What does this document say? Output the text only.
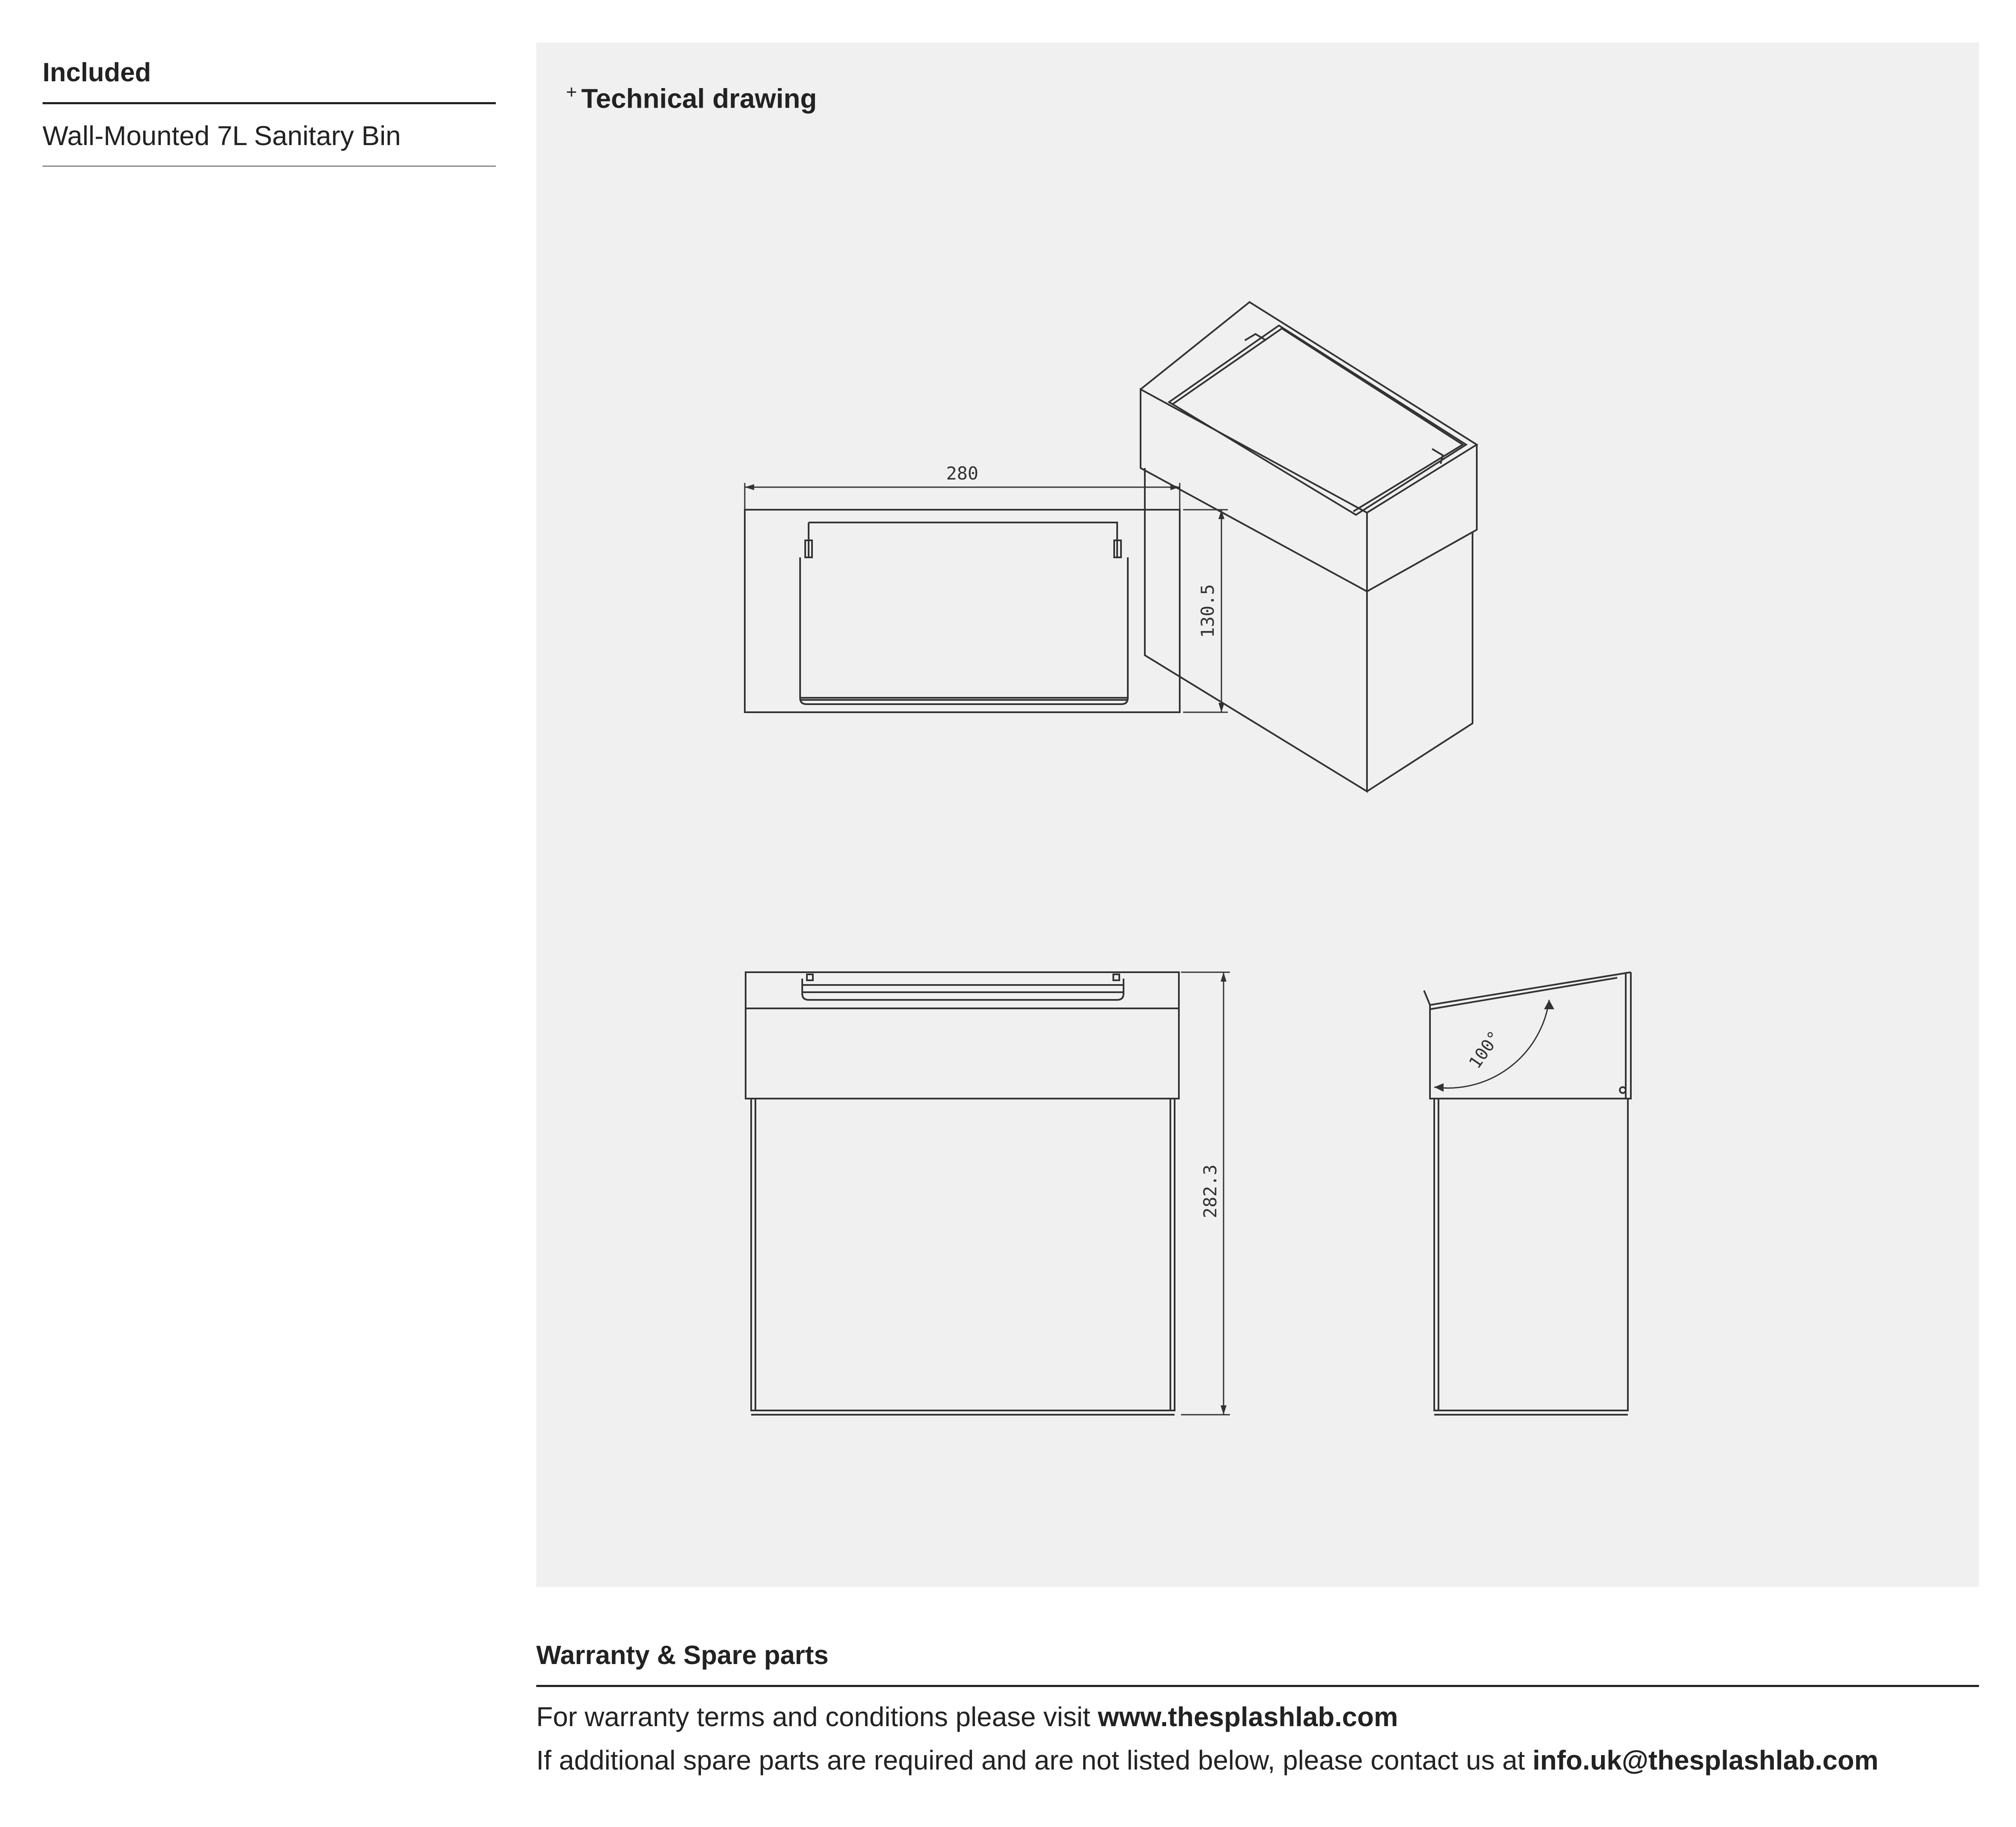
Included
Wall-Mounted 7L Sanitary Bin
+ Technical drawing
280
130.5
282.3
100°
Warranty & Spare parts
For warranty terms and conditions please visit www.thesplashlab.com
If additional spare parts are required and are not listed below, please contact us at info.uk@thesplashlab.com
